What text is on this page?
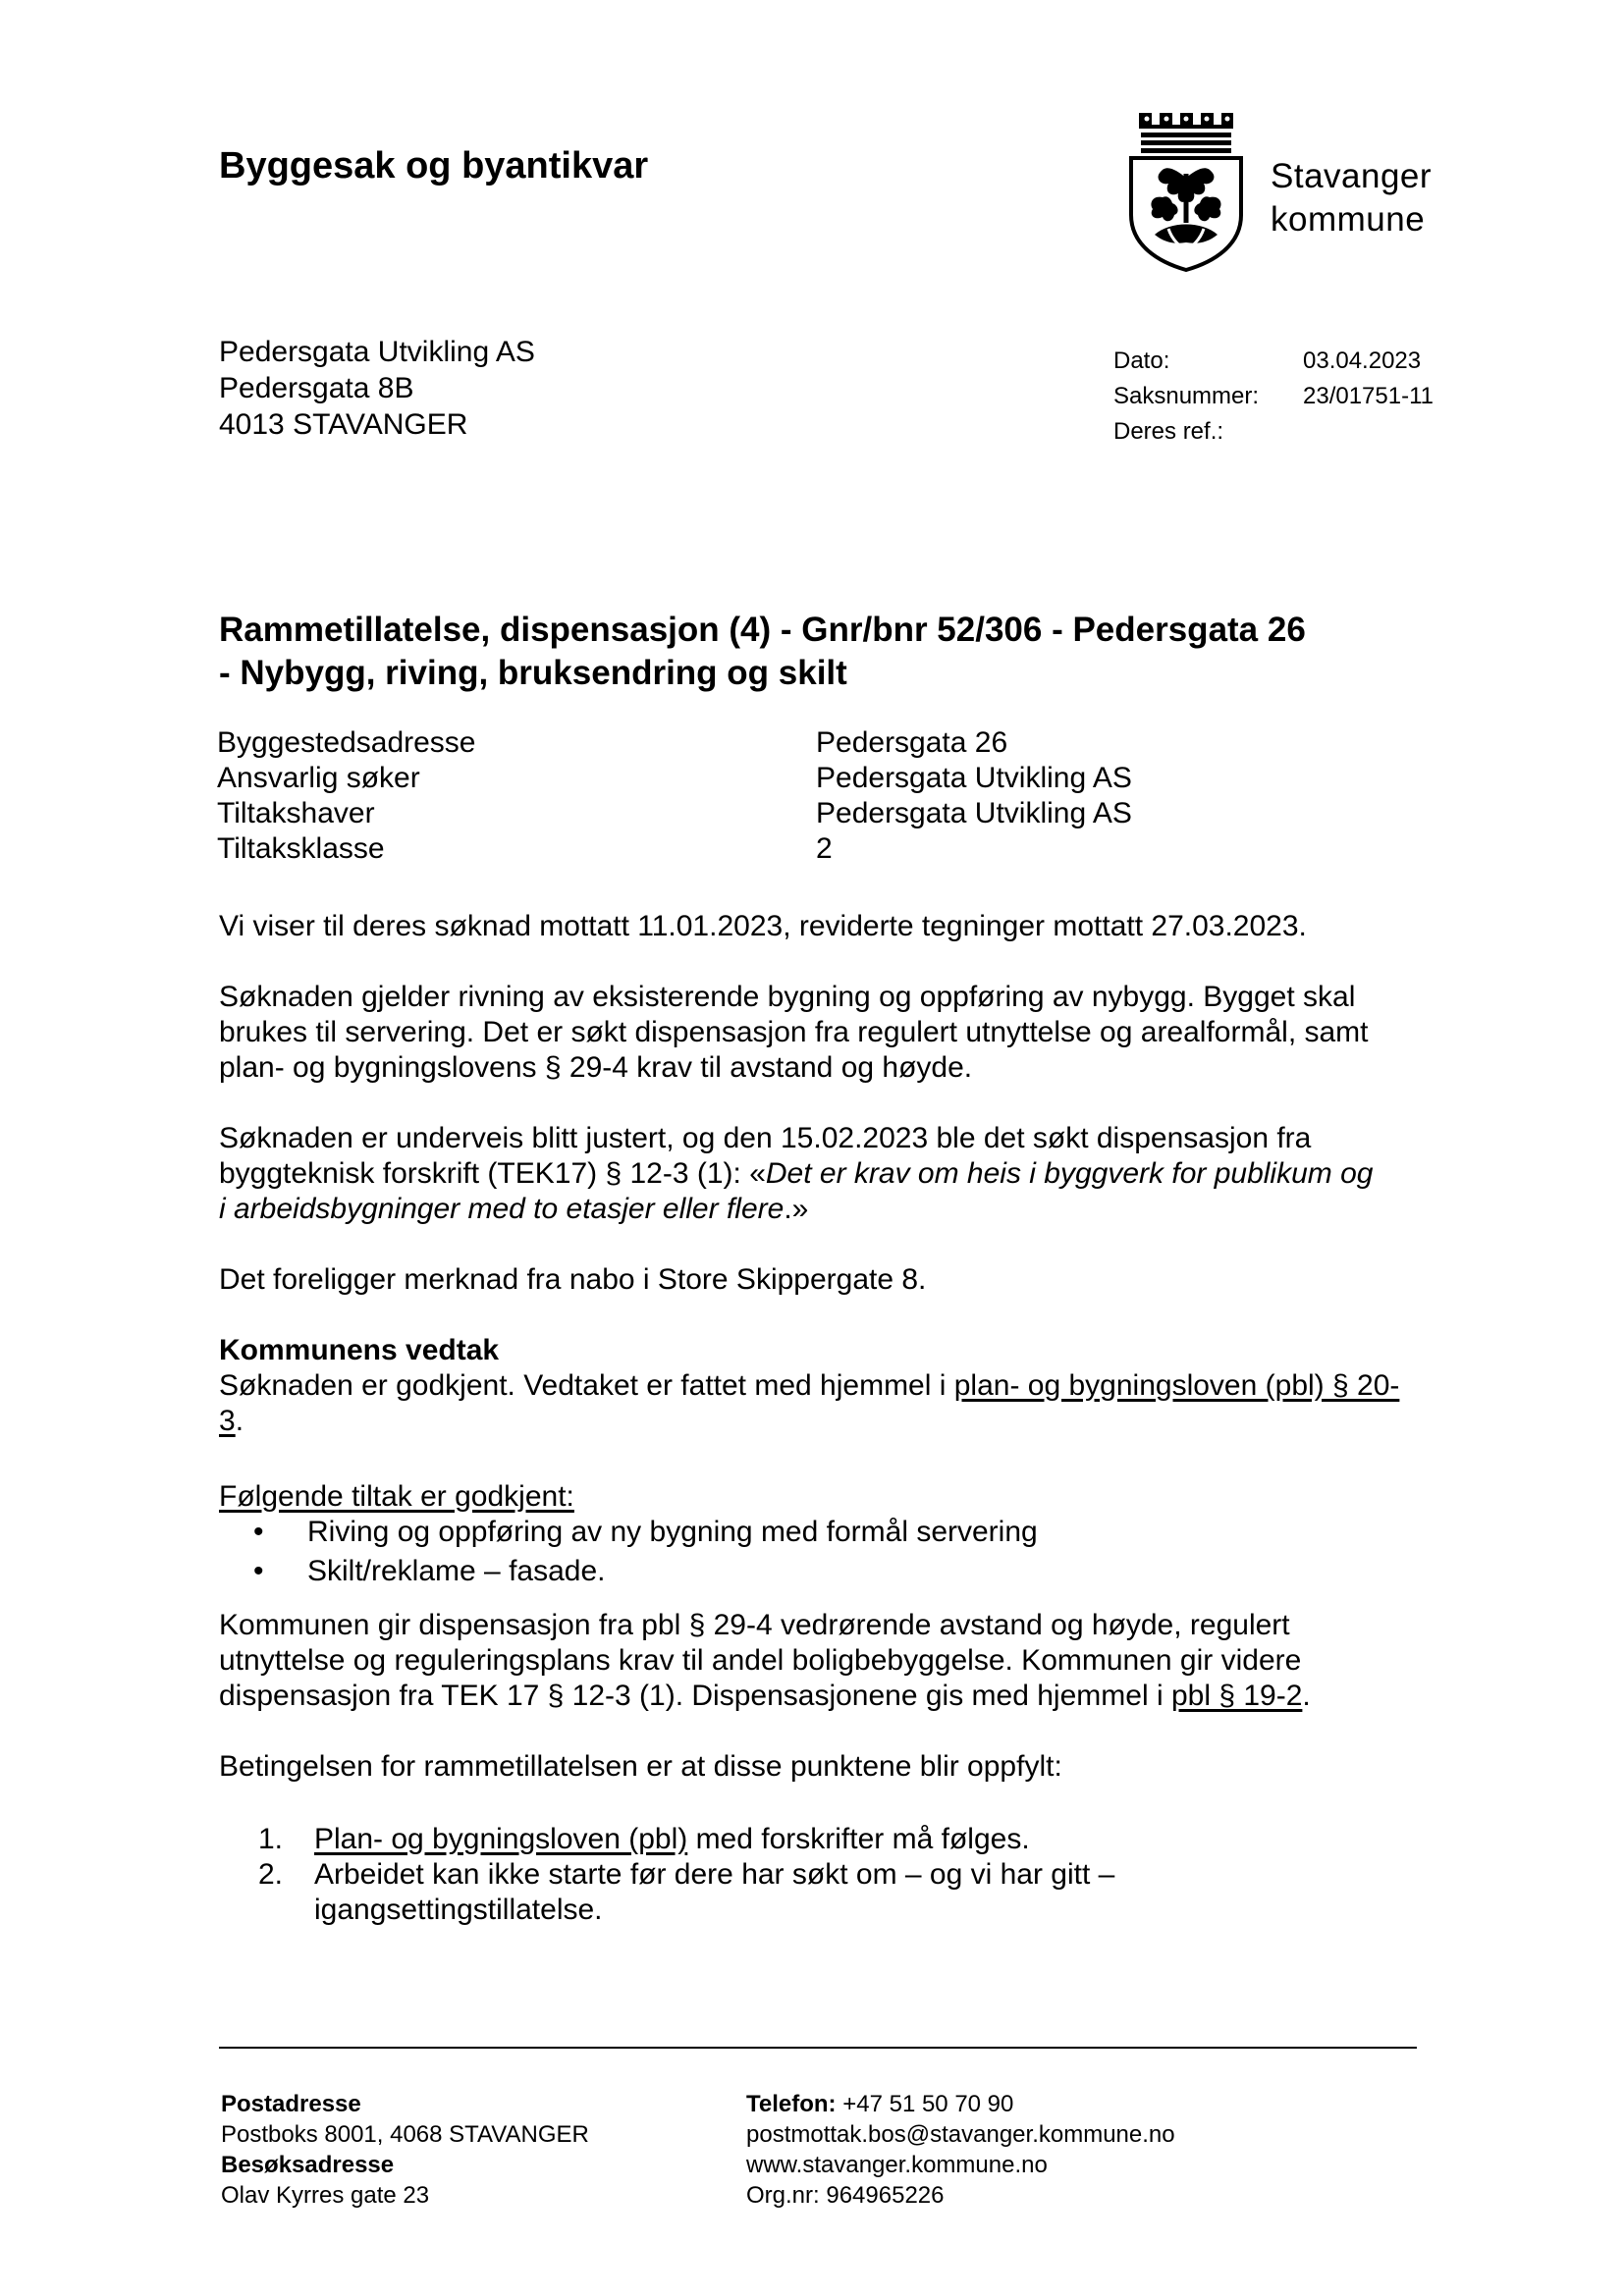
Byggesak og byantikvar	Stavanger
kommune
Pedersgata Utvikling AS
Pedersgata 8B
4013 STAVANGER
Dato:	03.04.2023
Saksnummer: 23/01751-11
Deres ref.:
Rammetillatelse, dispensasjon (4) - Gnr/bnr 52/306 - Pedersgata 26
- Nybygg, riving, bruksendring og skilt
Byggestedsadresse	Pedersgata 26
Ansvarlig søker	Pedersgata Utvikling AS
Tiltakshaver	Pedersgata Utvikling AS
Tiltaksklasse	2
Vi viser til deres søknad mottatt 11.01.2023, reviderte tegninger mottatt 27.03.2023.
Søknaden gjelder rivning av eksisterende bygning og oppføring av nybygg. Bygget skal
brukes til servering. Det er søkt dispensasjon fra regulert utnyttelse og arealformål, samt
plan- og bygningslovens § 29-4 krav til avstand og høyde.
Søknaden er underveis blitt justert, og den 15.02.2023 ble det søkt dispensasjon fra
byggteknisk forskrift (TEK17) § 12-3 (1): «Det er krav om heis i byggverk for publikum og
i arbeidsbygninger med to etasjer eller flere.»
Det foreligger merknad fra nabo i Store Skippergate 8.
Kommunens vedtak
Søknaden er godkjent. Vedtaket er fattet med hjemmel i plan- og bygningsloven (pbl) § 20-
3.
Følgende tiltak er godkjent:
• Riving og oppføring av ny bygning med formål servering
• Skilt/reklame – fasade.
Kommunen gir dispensasjon fra pbl § 29-4 vedrørende avstand og høyde, regulert
utnyttelse og reguleringsplans krav til andel boligbebyggelse. Kommunen gir videre
dispensasjon fra TEK 17 § 12-3 (1). Dispensasjonene gis med hjemmel i pbl § 19-2.
Betingelsen for rammetillatelsen er at disse punktene blir oppfylt:
1. Plan- og bygningsloven (pbl) med forskrifter må følges.
2. Arbeidet kan ikke starte før dere har søkt om – og vi har gitt –
igangsettingstillatelse.
Postadresse
Postboks 8001, 4068 STAVANGER
Besøksadresse
Olav Kyrres gate 23
Telefon: +47 51 50 70 90
postmottak.bos@stavanger.kommune.no
www.stavanger.kommune.no
Org.nr: 964965226
